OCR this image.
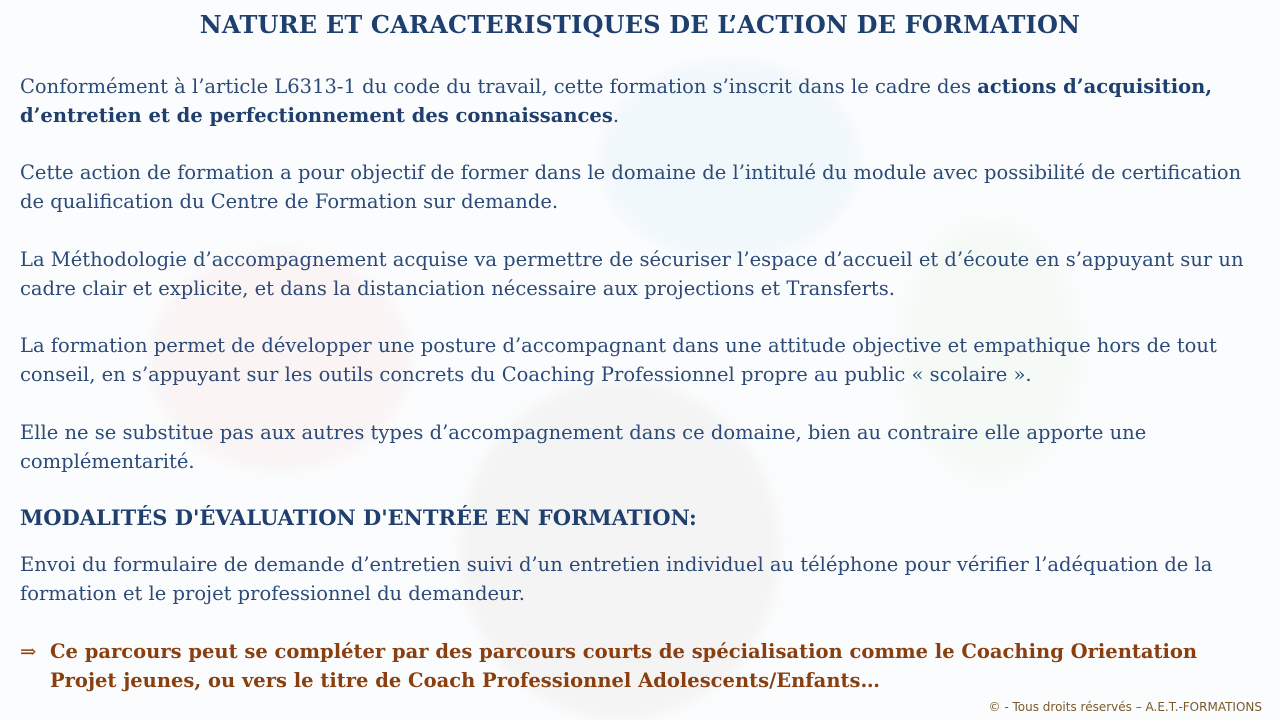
NATURE ET CARACTERISTIQUES DE L’ACTION DE FORMATION
Conformément à l’article L6313-1 du code du travail, cette formation s’inscrit dans le cadre des actions d’acquisition, d’entretien et de perfectionnement des connaissances.
Cette action de formation a pour objectif de former dans le domaine de l’intitulé du module avec possibilité de certification de qualification du Centre de Formation sur demande.
La Méthodologie d’accompagnement acquise va permettre de sécuriser l’espace d’accueil et d’écoute en s’appuyant sur un cadre clair et explicite, et dans la distanciation nécessaire aux projections et Transferts.
La formation permet de développer une posture d’accompagnant dans une attitude objective et empathique hors de tout conseil, en s’appuyant sur les outils concrets du Coaching Professionnel propre au public « scolaire ».
Elle ne se substitue pas aux autres types d’accompagnement dans ce domaine, bien au contraire elle apporte une complémentarité.
MODALITÉS D'ÉVALUATION D'ENTRÉE EN FORMATION:
Envoi du formulaire de demande d’entretien suivi d’un entretien individuel au téléphone pour vérifier l’adéquation de la formation et le projet professionnel du demandeur.
⇒ Ce parcours peut se compléter par des parcours courts de spécialisation comme le Coaching Orientation Projet jeunes, ou vers le titre de Coach Professionnel Adolescents/Enfants…
© - Tous droits réservés – A.E.T.-FORMATIONS
